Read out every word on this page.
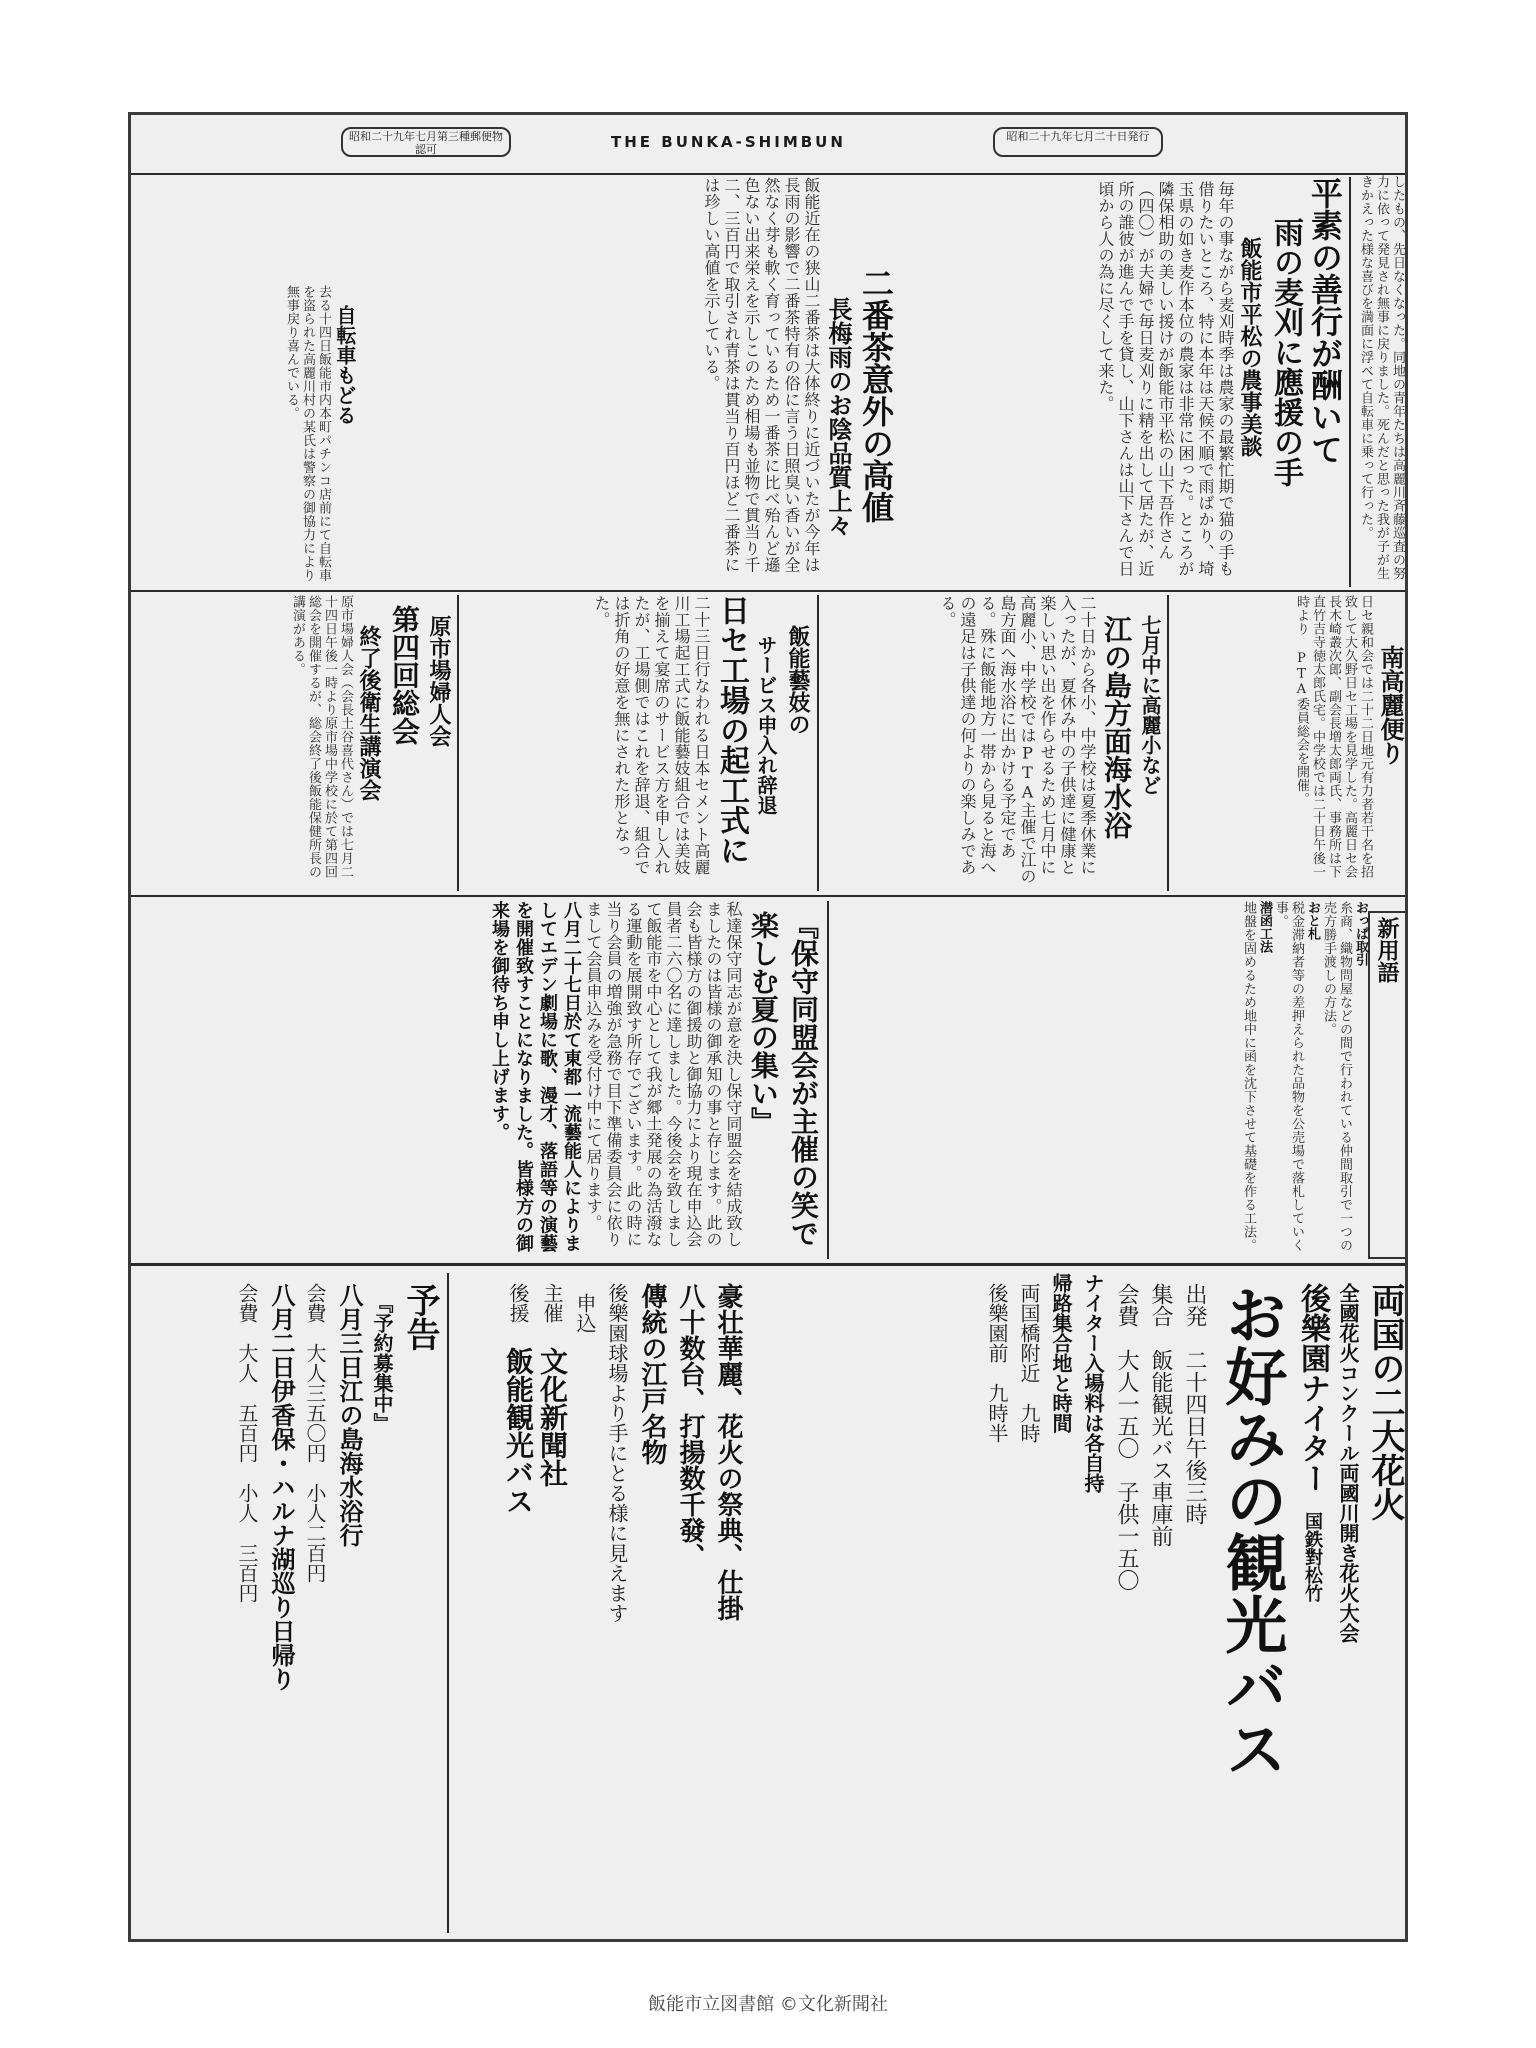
昭和二十九年七月第三種郵便物認可	THE BUNKA-SHIMBUN	昭和二十九年七月二十日発行
したもの、先日なくなった。同地の青年たちは高麗川斉藤巡査の努力に依って発見され無事に戻りました。死んだと思った我が子が生きかえった様な喜びを満面に浮べて自転車に乗って行った。
平素の善行が酬いて
雨の麦刈に應援の手
飯能市平松の農事美談
毎年の事ながら麦刈時季は農家の最繁忙期で猫の手も借りたいところ、特に本年は天候不順で雨ばかり、埼玉県の如き麦作本位の農家は非常に困った。ところが隣保相助の美しい援けが飯能市平松の山下吾作さん（四〇）が夫婦で毎日麦刈りに精を出して居たが、近所の誰彼が進んで手を貸し、山下さんは山下さんで日頃から人の為に尽くして来た。
二番茶意外の高値
長梅雨のお陰品質上々
飯能近在の狭山二番茶は大体終りに近づいたが今年は長雨の影響で二番茶特有の俗に言う日照臭い香いが全然なく芽も軟く育っているため一番茶に比べ殆んど遜色ない出来栄えを示しこのため相場も並物で貫当り千二、三百円で取引され青茶は貫当り百円ほど二番茶には珍しい高値を示している。
自転車もどる
去る十四日飯能市内本町パチンコ店前にて自転車を盗られた高麗川村の某氏は警察の御協力により無事戻り喜んでいる。
南高麗便り
日セ親和会では二十二日地元有力者若干名を招致して大久野日セ工場を見学した。高麗日セ会長木崎叢次郎、副会長増太郎両氏、事務所は下直竹吉寺徳太郎氏宅。中学校では二十日午後一時より PTA委員総会を開催。
七月中に高麗小など
江の島方面海水浴
二十日から各小、中学校は夏季休業に入ったが、夏休み中の子供達に健康と楽しい思い出を作らせるため七月中に高麗小、中学校ではPTA主催で江の島方面へ海水浴に出かける予定である。殊に飯能地方一帯から見ると海への遠足は子供達の何よりの楽しみである。
飯能藝妓の
サービス申入れ辞退
日セ工場の起工式に
二十三日行なわれる日本セメント高麗川工場起工式に飯能藝妓組合では美妓を揃えて宴席のサービス方を申し入れたが、工場側ではこれを辞退、組合では折角の好意を無にされた形となった。
原市場婦人会
第四回総会
終了後衛生講演会
原市場婦人会（会長土谷喜代さん）では七月二十四日午後一時より原市場中学校に於て第四回総会を開催するが、総会終了後飯能保健所長の講演がある。
新用語
おっぱ取引
糸商、織物問屋などの間で行われている仲間取引で一つの売方勝手渡しの方法。
おと札
税金滞納者等の差押えられた品物を公売場で落札していく事。
潜函工法
地盤を固めるため地中に函を沈下させて基礎を作る工法。
『保守同盟会が主催の笑で楽しむ夏の集い』
私達保守同志が意を決し保守同盟会を結成致しましたのは皆様の御承知の事と存じます。此の会も皆様方の御援助と御協力により現在申込会員者二六〇名に達しました。今後会を致しまして飯能市を中心として我が郷土発展の為活潑なる運動を展開致す所存でございます。此の時に当り会員の増強が急務で目下準備委員会に依りまして会員申込みを受付け中にて居ります。
八月二十七日於て東都一流藝能人によりましてエデン劇場に歌、漫才、落語等の演藝を開催致すことになりました。皆様方の御来場を御待ち申し上げます。
両国の二大花火
全國花火コンクール両國川開き花火大会
後樂園ナイター 国鉄對松竹
お好みの観光バス
出発　二十四日午後三時
集合　飯能観光バス車庫前
会費　大人一五〇　子供一五〇
ナイター入場料は各自持
帰路集合地と時間
両国橋附近　九時
後樂園前　九時半
豪壮華麗、花火の祭典、仕掛
八十数台、打揚数千發、
傳統の江戸名物
後樂園球場より手にとる様に見えます
申込
主催 文化新聞社
後援 飯能観光バス
予告
『予約募集中』
八月三日江の島海水浴行
会費　大人三五〇円　小人二百円
八月二日伊香保・ハルナ湖巡り日帰り
会費　大人　五百円　小人　三百円
飯能市立図書館 ©文化新聞社
